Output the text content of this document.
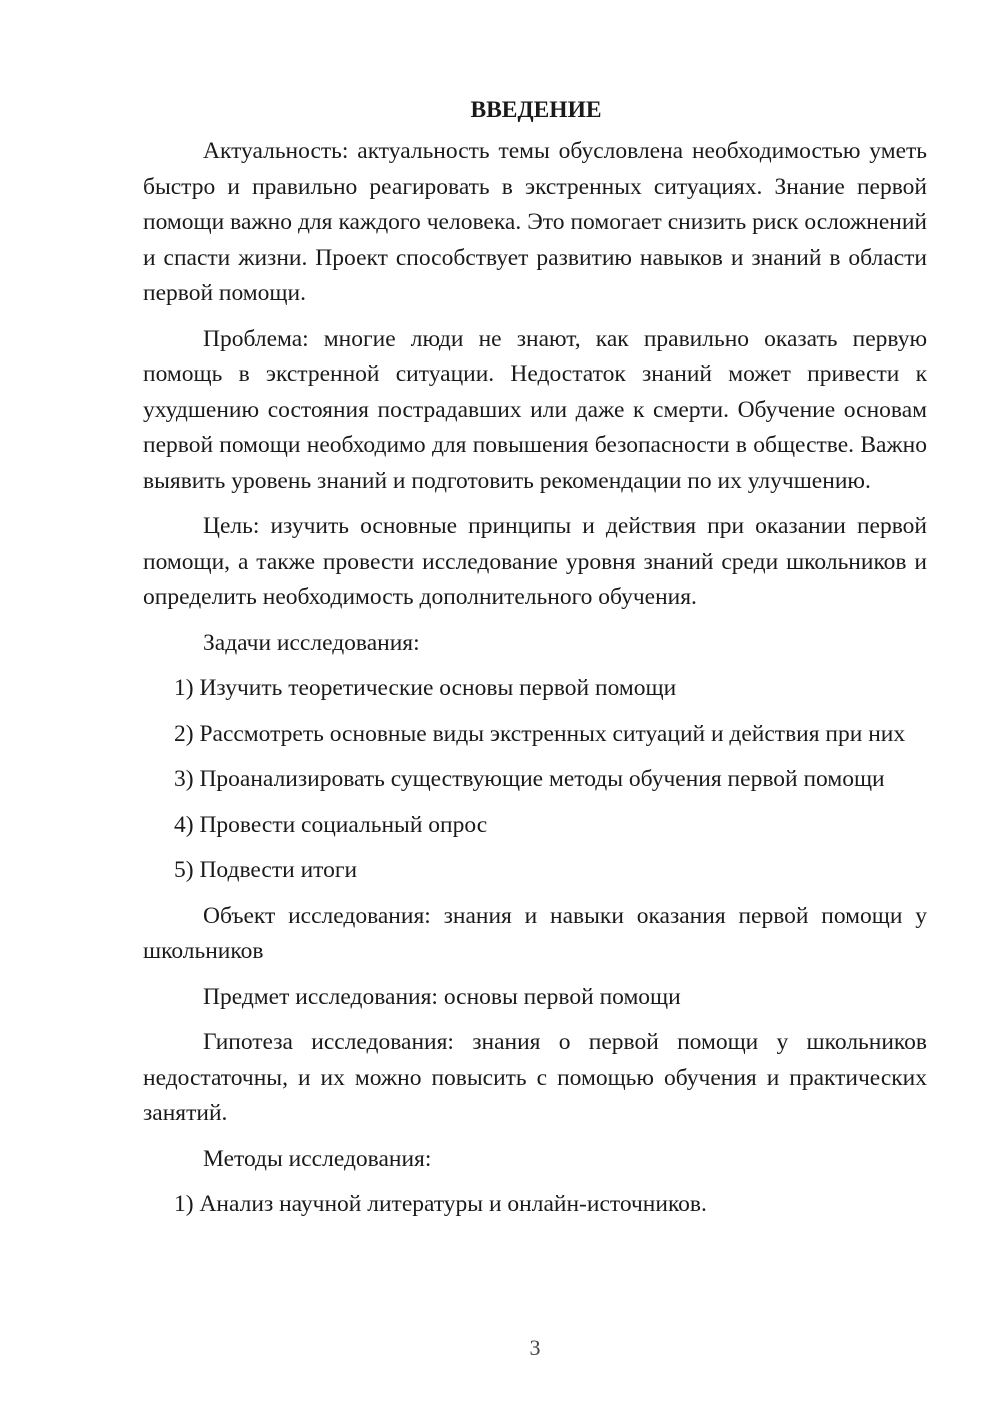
ВВЕДЕНИЕ

Актуальность: актуальность темы обусловлена необходимостью уметь быстро и правильно реагировать в экстренных ситуациях. Знание первой помощи важно для каждого человека. Это помогает снизить риск осложнений и спасти жизни. Проект способствует развитию навыков и знаний в области первой помощи.

Проблема: многие люди не знают, как правильно оказать первую помощь в экстренной ситуации. Недостаток знаний может привести к ухудшению состояния пострадавших или даже к смерти. Обучение основам первой помощи необходимо для повышения безопасности в обществе. Важно выявить уровень знаний и подготовить рекомендации по их улучшению.

Цель: изучить основные принципы и действия при оказании первой помощи, а также провести исследование уровня знаний среди школьников и определить необходимость дополнительного обучения.

Задачи исследования:

1) Изучить теоретические основы первой помощи

2) Рассмотреть основные виды экстренных ситуаций и действия при них

3) Проанализировать существующие методы обучения первой помощи

4) Провести социальный опрос

5) Подвести итоги

Объект исследования: знания и навыки оказания первой помощи у школьников

Предмет исследования: основы первой помощи

Гипотеза исследования: знания о первой помощи у школьников недостаточны, и их можно повысить с помощью обучения и практических занятий.

Методы исследования:

1) Анализ научной литературы и онлайн-источников.

3
